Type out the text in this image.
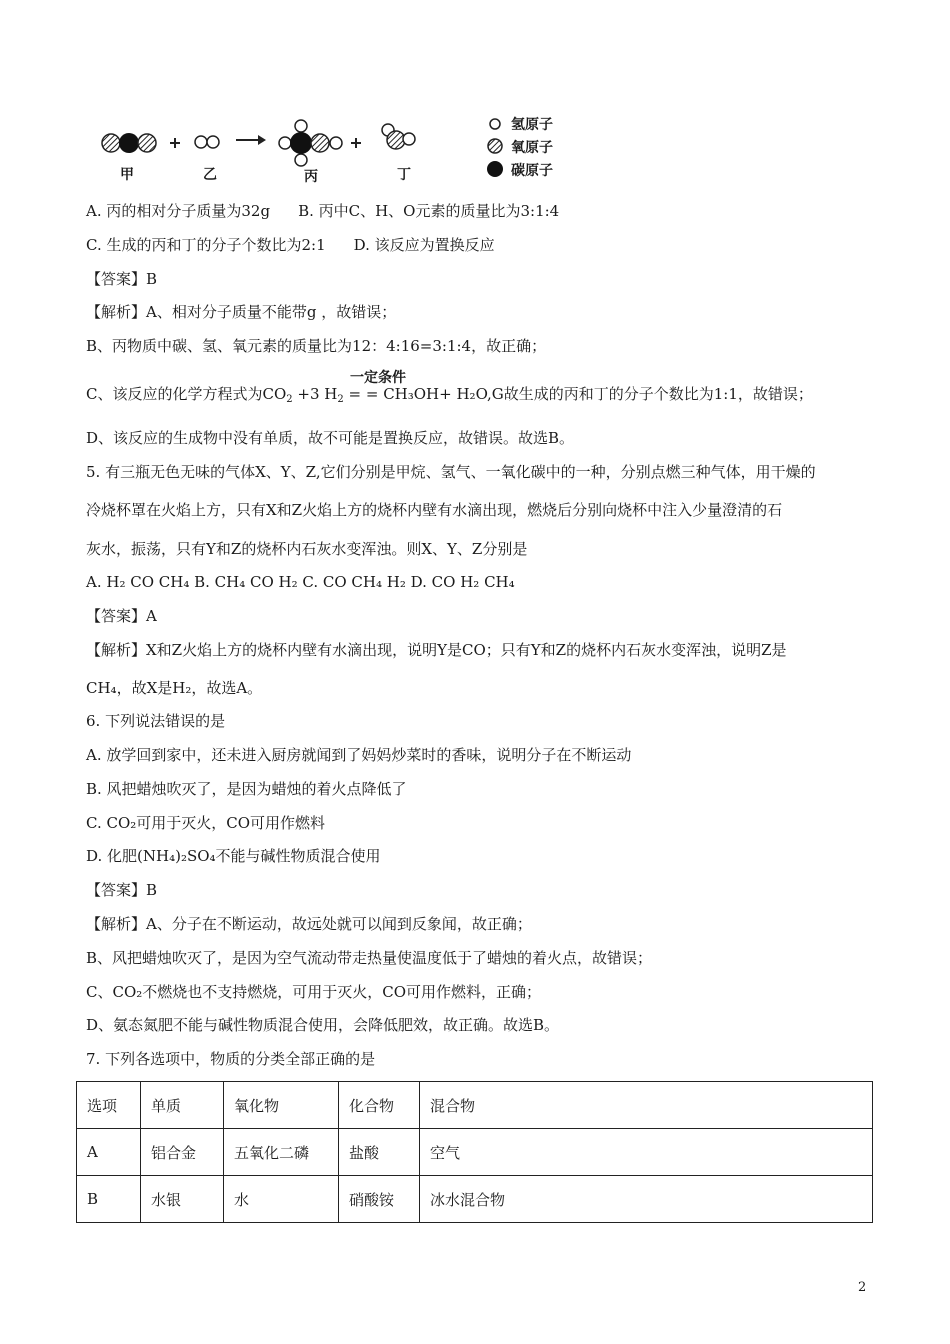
甲	乙	丙	丁
氢原子
氧原子
碳原子
A. 丙的相对分子质量为32g B. 丙中C、H、O元素的质量比为3:1:4
C. 生成的丙和丁的分子个数比为2:1 D. 该反应为置换反应
【答案】B
【解析】A、相对分子质量不能带g ，故错误；
B、丙物质中碳、氢、氧元素的质量比为12：4:16=3:1:4，故正确；
一定条件
C、该反应的化学方程式为$CO_2 +3$ $H_2$ = = CH₃OH+ H₂O,G故生成的丙和丁的分子个数比为1:1，故错误；
D、该反应的生成物中没有单质，故不可能是置换反应，故错误。故选B。
5. 有三瓶无色无味的气体X、Y、Z,它们分别是甲烷、氢气、一氧化碳中的一种，分别点燃三种气体，用干燥的
冷烧杯罩在火焰上方，只有X和Z火焰上方的烧杯内壁有水滴出现，燃烧后分别向烧杯中注入少量澄清的石
灰水，振荡，只有Y和Z的烧杯内石灰水变浑浊。则X、Y、Z分别是
A. H₂ CO CH₄ B. CH₄ CO H₂ C. CO CH₄ H₂ D. CO H₂ CH₄
【答案】A
【解析】X和Z火焰上方的烧杯内壁有水滴出现，说明Y是CO；只有Y和Z的烧杯内石灰水变浑浊，说明Z是
CH₄，故X是H₂，故选A。
6. 下列说法错误的是
A. 放学回到家中，还未进入厨房就闻到了妈妈炒菜时的香味，说明分子在不断运动
B. 风把蜡烛吹灭了，是因为蜡烛的着火点降低了
C. CO₂可用于灭火，CO可用作燃料
D. 化肥(NH₄)₂SO₄不能与碱性物质混合使用
【答案】B
【解析】A、分子在不断运动，故远处就可以闻到反象闻，故正确；
B、风把蜡烛吹灭了，是因为空气流动带走热量使温度低于了蜡烛的着火点，故错误；
C、CO₂不燃烧也不支持燃烧，可用于灭火，CO可用作燃料，正确；
D、氨态氮肥不能与碱性物质混合使用，会降低肥效，故正确。故选B。
7. 下列各选项中，物质的分类全部正确的是
选项	单质	氧化物	化合物	混合物
A	铝合金	五氧化二磷	盐酸	空气
B	水银	水	硝酸铵	冰水混合物
2
